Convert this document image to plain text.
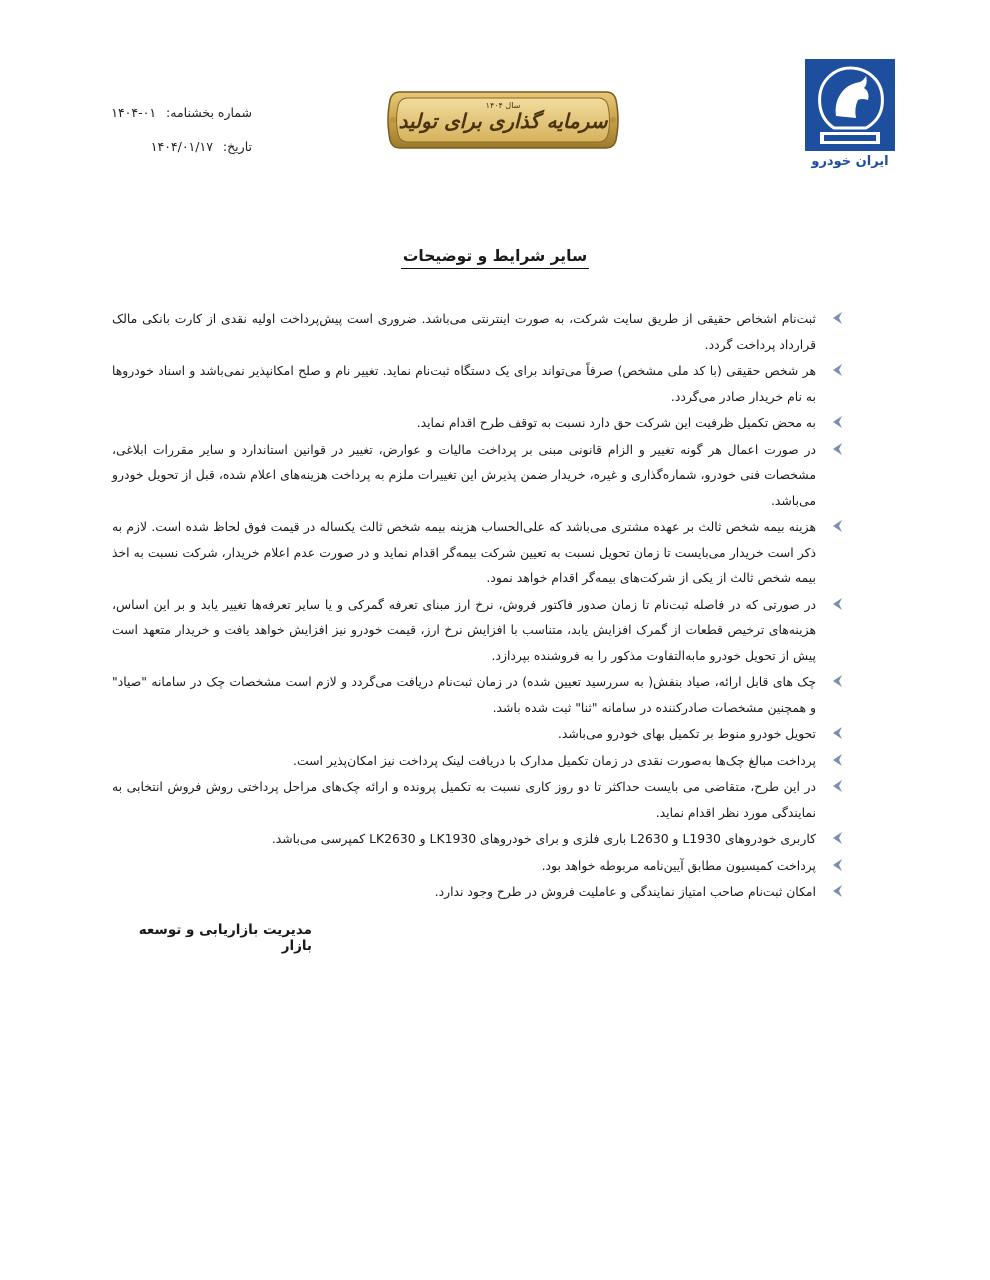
شماره بخشنامه: ۰۱-۱۴۰۴
تاریخ: ۱۴۰۴/۰۱/۱۷
سرمایه گذاری برای تولید
سال ۱۴۰۴
ایران خودرو
سایر شرایط و توضیحات
ثبت‌نام اشخاص حقیقی از طریق سایت شرکت، به صورت اینترنتی می‌باشد. ضروری است پیش‌پرداخت اولیه نقدی از کارت بانکی مالک قرارداد پرداخت گردد.
هر شخص حقیقی (با کد ملی مشخص) صرفاً می‌تواند برای یک دستگاه ثبت‌نام نماید. تغییر نام و صلح امکانپذیر نمی‌باشد و اسناد خودروها به نام خریدار صادر می‌گردد.
به محض تکمیل ظرفیت این شرکت حق دارد نسبت به توقف طرح اقدام نماید.
در صورت اعمال هر گونه تغییر و الزام قانونی مبنی بر پرداخت مالیات و عوارض، تغییر در قوانین استاندارد و سایر مقررات ابلاغی، مشخصات فنی خودرو، شماره‌گذاری و غیره، خریدار ضمن پذیرش این تغییرات ملزم به پرداخت هزینه‌های اعلام شده، قبل از تحویل خودرو می‌باشد.
هزینه بیمه شخص ثالث بر عهده مشتری می‌باشد که علی‌الحساب هزینه بیمه شخص ثالث یکساله در قیمت فوق لحاظ شده است. لازم به ذکر است خریدار می‌بایست تا زمان تحویل نسبت به تعیین شرکت بیمه‌گر اقدام نماید و در صورت عدم اعلام خریدار، شرکت نسبت به اخذ بیمه شخص ثالث از یکی از شرکت‌های بیمه‌گر اقدام خواهد نمود.
در صورتی که در فاصله ثبت‌نام تا زمان صدور فاکتور فروش، نرخ ارز مبنای تعرفه گمرکی و یا سایر تعرفه‌ها تغییر یابد و بر این اساس، هزینه‌های ترخیص قطعات از گمرک افزایش یابد، متناسب با افزایش نرخ ارز، قیمت خودرو نیز افزایش خواهد یافت و خریدار متعهد است پیش از تحویل خودرو مابه‌التفاوت مذکور را به فروشنده بپردازد.
چک های قابل ارائه، صیاد بنفش( به سررسید تعیین شده) در زمان ثبت‌نام دریافت می‌گردد و لازم است مشخصات چک در سامانه "صیاد" و همچنین مشخصات صادرکننده در سامانه "ثنا" ثبت شده باشد.
تحویل خودرو منوط بر تکمیل بهای خودرو می‌باشد.
پرداخت مبالغ چک‌ها به‌صورت نقدی در زمان تکمیل مدارک با دریافت لینک پرداخت نیز امکان‌پذیر است.
در این طرح، متقاضی می بایست حداکثر تا دو روز کاری نسبت به تکمیل پرونده و ارائه چک‌های مراحل پرداختی روش فروش انتخابی به نمایندگی مورد نظر اقدام نماید.
کاربری خودروهای L1930 و L2630 باری فلزی و برای خودروهای LK1930 و LK2630 کمپرسی می‌باشد.
پرداخت کمیسیون مطابق آیین‌نامه مربوطه خواهد بود.
امکان ثبت‌نام صاحب امتیاز نمایندگی و عاملیت فروش در طرح وجود ندارد.
مدیریت بازاریابی و توسعه بازار
